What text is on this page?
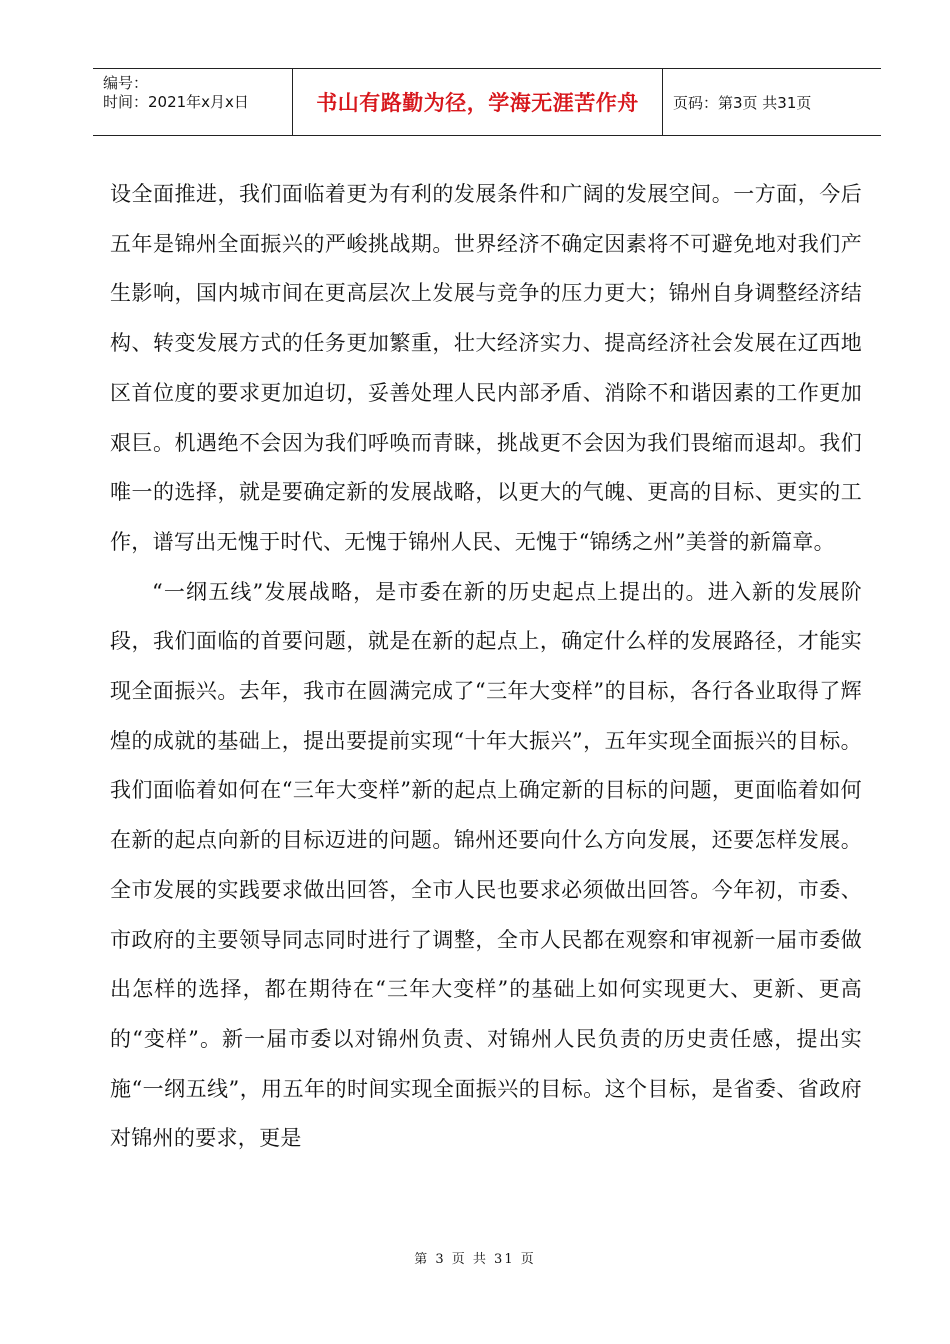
编号：
时间：2021年x月x日	书山有路勤为径，学海无涯苦作舟 页码：第3页 共31页

设全面推进，我们面临着更为有利的发展条件和广阔的发展空间。一方面，今后五年是锦州全面振兴的严峻挑战期。世界经济不确定因素将不可避免地对我们产生影响，国内城市间在更高层次上发展与竞争的压力更大；锦州自身调整经济结构、转变发展方式的任务更加繁重，壮大经济实力、提高经济社会发展在辽西地区首位度的要求更加迫切，妥善处理人民内部矛盾、消除不和谐因素的工作更加艰巨。机遇绝不会因为我们呼唤而青睐，挑战更不会因为我们畏缩而退却。我们唯一的选择，就是要确定新的发展战略，以更大的气魄、更高的目标、更实的工作，谱写出无愧于时代、无愧于锦州人民、无愧于“锦绣之州”美誉的新篇章。

“一纲五线”发展战略，是市委在新的历史起点上提出的。进入新的发展阶段，我们面临的首要问题，就是在新的起点上，确定什么样的发展路径，才能实现全面振兴。去年，我市在圆满完成了“三年大变样”的目标，各行各业取得了辉煌的成就的基础上，提出要提前实现“十年大振兴”，五年实现全面振兴的目标。我们面临着如何在“三年大变样”新的起点上确定新的目标的问题，更面临着如何在新的起点向新的目标迈进的问题。锦州还要向什么方向发展，还要怎样发展。全市发展的实践要求做出回答，全市人民也要求必须做出回答。今年初，市委、市政府的主要领导同志同时进行了调整，全市人民都在观察和审视新一届市委做出怎样的选择，都在期待在“三年大变样”的基础上如何实现更大、更新、更高的“变样”。新一届市委以对锦州负责、对锦州人民负责的历史责任感，提出实施“一纲五线”，用五年的时间实现全面振兴的目标。这个目标，是省委、省政府对锦州的要求，更是

第 3 页 共 31 页
